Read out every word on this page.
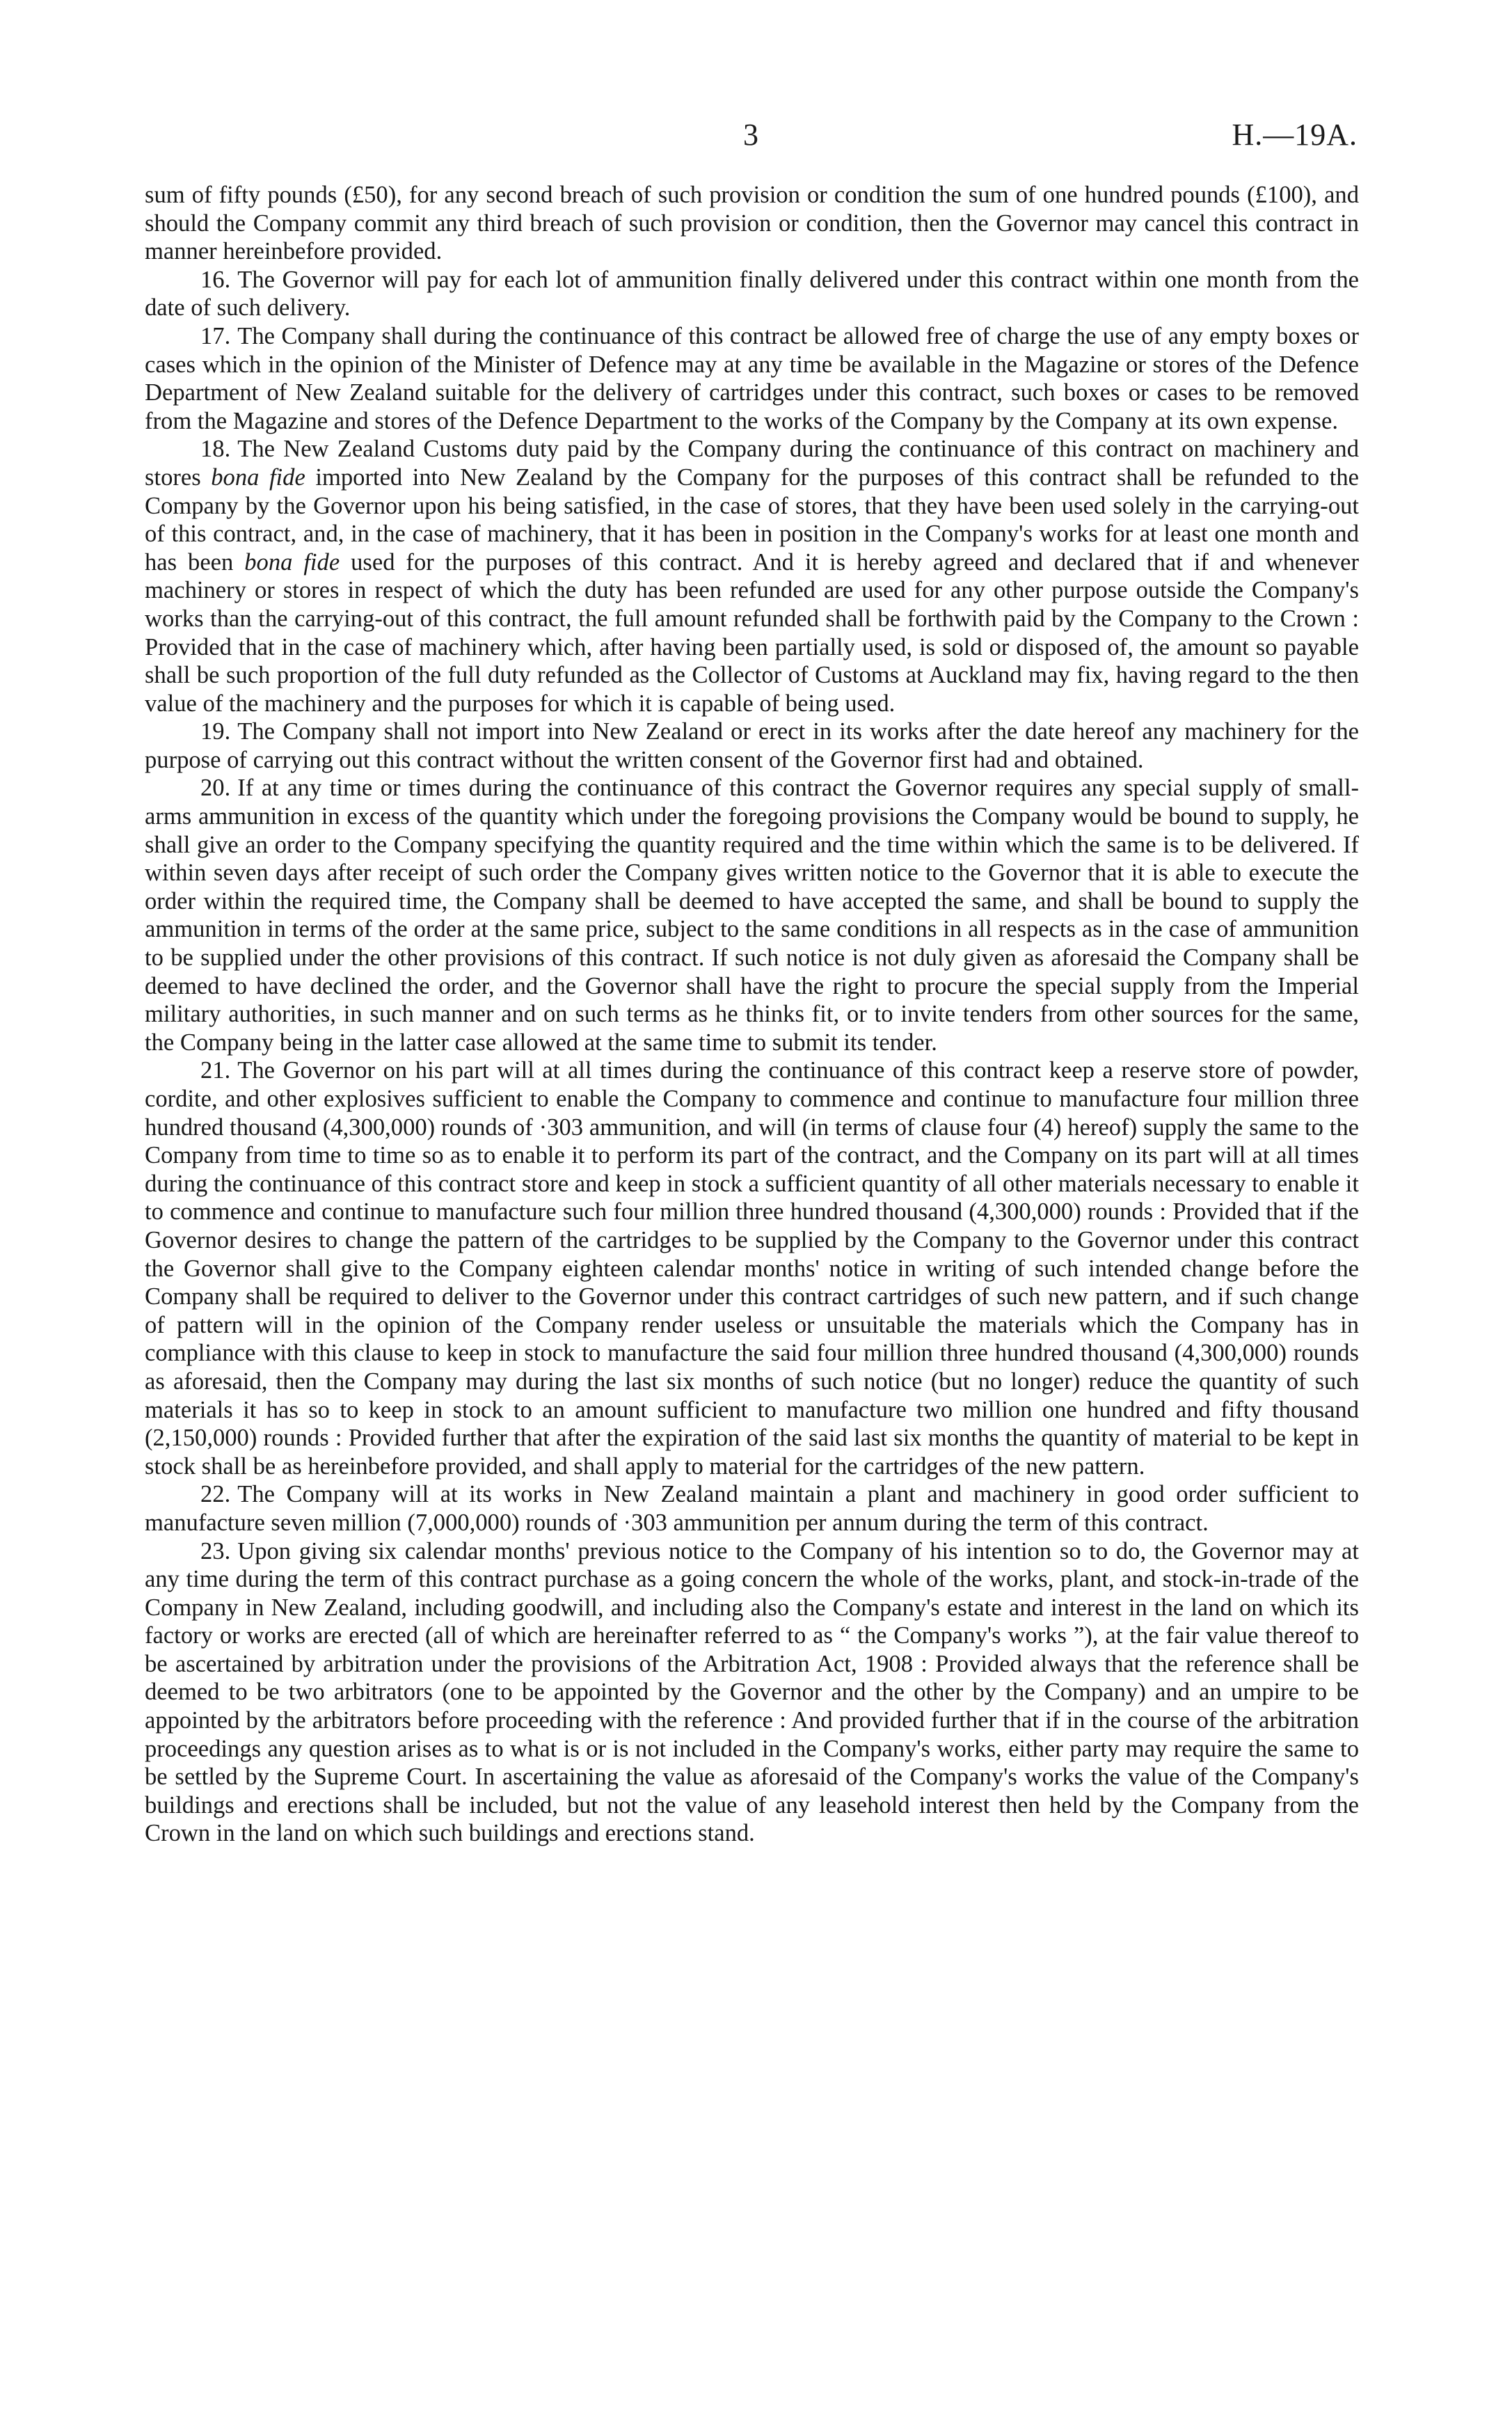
3	H.—19A.

sum of fifty pounds (£50), for any second breach of such provision or condition the sum of one hundred pounds (£100), and should the Company commit any third breach of such provision or condition, then the Governor may cancel this contract in manner hereinbefore provided.

16. The Governor will pay for each lot of ammunition finally delivered under this contract within one month from the date of such delivery.

17. The Company shall during the continuance of this contract be allowed free of charge the use of any empty boxes or cases which in the opinion of the Minister of Defence may at any time be available in the Magazine or stores of the Defence Department of New Zealand suitable for the delivery of cartridges under this contract, such boxes or cases to be removed from the Magazine and stores of the Defence Department to the works of the Company by the Company at its own expense.

18. The New Zealand Customs duty paid by the Company during the continuance of this contract on machinery and stores bona fide imported into New Zealand by the Company for the purposes of this contract shall be refunded to the Company by the Governor upon his being satisfied, in the case of stores, that they have been used solely in the carrying-out of this contract, and, in the case of machinery, that it has been in position in the Company's works for at least one month and has been bona fide used for the purposes of this contract. And it is hereby agreed and declared that if and whenever machinery or stores in respect of which the duty has been refunded are used for any other purpose outside the Company's works than the carrying-out of this contract, the full amount refunded shall be forthwith paid by the Company to the Crown : Provided that in the case of machinery which, after having been partially used, is sold or disposed of, the amount so payable shall be such proportion of the full duty refunded as the Collector of Customs at Auckland may fix, having regard to the then value of the machinery and the purposes for which it is capable of being used.

19. The Company shall not import into New Zealand or erect in its works after the date hereof any machinery for the purpose of carrying out this contract without the written consent of the Governor first had and obtained.

20. If at any time or times during the continuance of this contract the Governor requires any special supply of small-arms ammunition in excess of the quantity which under the foregoing provisions the Company would be bound to supply, he shall give an order to the Company specifying the quantity required and the time within which the same is to be delivered. If within seven days after receipt of such order the Company gives written notice to the Governor that it is able to execute the order within the required time, the Company shall be deemed to have accepted the same, and shall be bound to supply the ammunition in terms of the order at the same price, subject to the same conditions in all respects as in the case of ammunition to be supplied under the other provisions of this contract. If such notice is not duly given as aforesaid the Company shall be deemed to have declined the order, and the Governor shall have the right to procure the special supply from the Imperial military authorities, in such manner and on such terms as he thinks fit, or to invite tenders from other sources for the same, the Company being in the latter case allowed at the same time to submit its tender.

21. The Governor on his part will at all times during the continuance of this contract keep a reserve store of powder, cordite, and other explosives sufficient to enable the Company to commence and continue to manufacture four million three hundred thousand (4,300,000) rounds of ·303 ammunition, and will (in terms of clause four (4) hereof) supply the same to the Company from time to time so as to enable it to perform its part of the contract, and the Company on its part will at all times during the continuance of this contract store and keep in stock a sufficient quantity of all other materials necessary to enable it to commence and continue to manufacture such four million three hundred thousand (4,300,000) rounds : Provided that if the Governor desires to change the pattern of the cartridges to be supplied by the Company to the Governor under this contract the Governor shall give to the Company eighteen calendar months' notice in writing of such intended change before the Company shall be required to deliver to the Governor under this contract cartridges of such new pattern, and if such change of pattern will in the opinion of the Company render useless or unsuitable the materials which the Company has in compliance with this clause to keep in stock to manufacture the said four million three hundred thousand (4,300,000) rounds as aforesaid, then the Company may during the last six months of such notice (but no longer) reduce the quantity of such materials it has so to keep in stock to an amount sufficient to manufacture two million one hundred and fifty thousand (2,150,000) rounds : Provided further that after the expiration of the said last six months the quantity of material to be kept in stock shall be as hereinbefore provided, and shall apply to material for the cartridges of the new pattern.

22. The Company will at its works in New Zealand maintain a plant and machinery in good order sufficient to manufacture seven million (7,000,000) rounds of ·303 ammunition per annum during the term of this contract.

23. Upon giving six calendar months' previous notice to the Company of his intention so to do, the Governor may at any time during the term of this contract purchase as a going concern the whole of the works, plant, and stock-in-trade of the Company in New Zealand, including goodwill, and including also the Company's estate and interest in the land on which its factory or works are erected (all of which are hereinafter referred to as “ the Company's works ”), at the fair value thereof to be ascertained by arbitration under the provisions of the Arbitration Act, 1908 : Provided always that the reference shall be deemed to be two arbitrators (one to be appointed by the Governor and the other by the Company) and an umpire to be appointed by the arbitrators before proceeding with the reference : And provided further that if in the course of the arbitration proceedings any question arises as to what is or is not included in the Company's works, either party may require the same to be settled by the Supreme Court. In ascertaining the value as aforesaid of the Company's works the value of the Company's buildings and erections shall be included, but not the value of any leasehold interest then held by the Company from the Crown in the land on which such buildings and erections stand.
